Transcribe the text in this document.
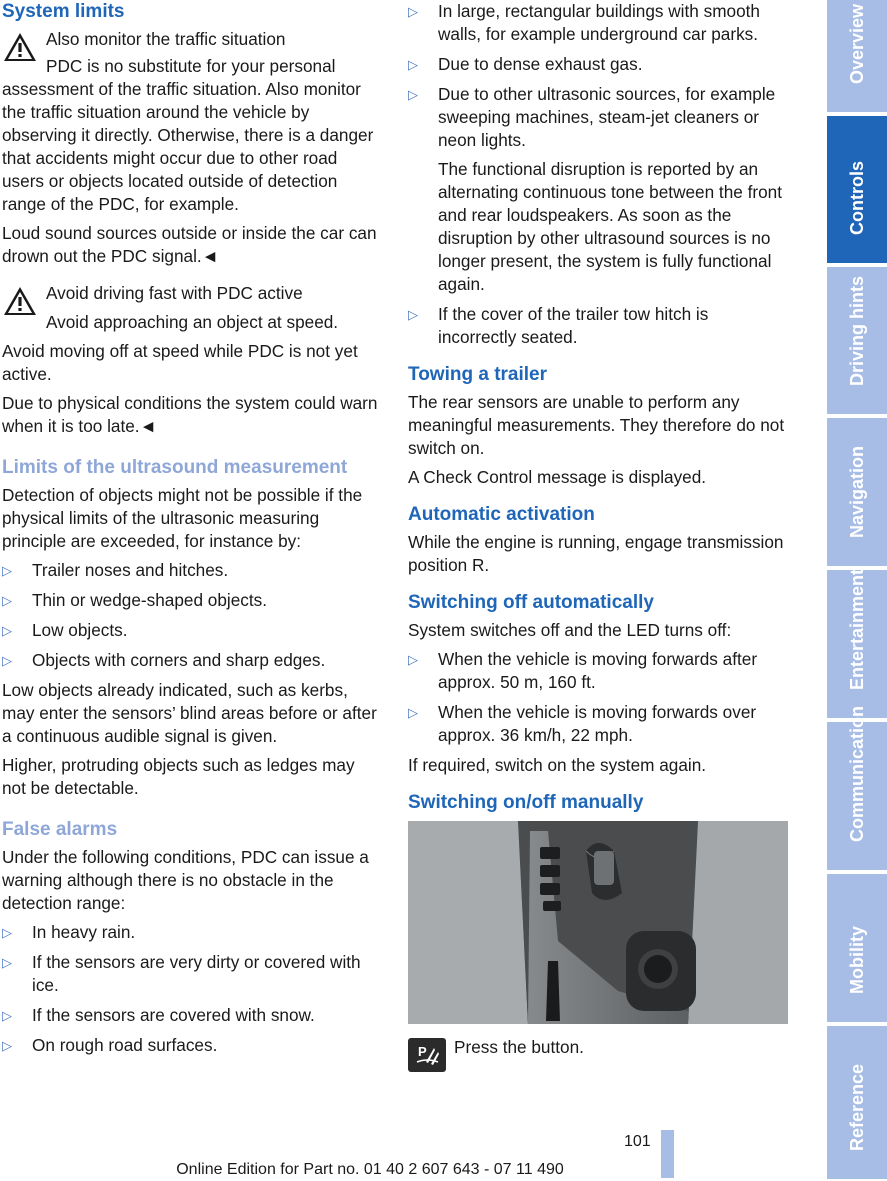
System limits

Also monitor the traffic situation

PDC is no substitute for your personal assessment of the traffic situation. Also monitor the traffic situation around the vehicle by observing it directly. Otherwise, there is a danger that accidents might occur due to other road users or objects located outside of detection range of the PDC, for example.

Loud sound sources outside or inside the car can drown out the PDC signal.◄

Avoid driving fast with PDC active

Avoid approaching an object at speed.

Avoid moving off at speed while PDC is not yet active.

Due to physical conditions the system could warn when it is too late.◄

Limits of the ultrasound measurement

Detection of objects might not be possible if the physical limits of the ultrasonic measuring principle are exceeded, for instance by:

▷ Trailer noses and hitches.
▷ Thin or wedge-shaped objects.
▷ Low objects.
▷ Objects with corners and sharp edges.

Low objects already indicated, such as kerbs, may enter the sensors’ blind areas before or after a continuous audible signal is given.

Higher, protruding objects such as ledges may not be detectable.

False alarms

Under the following conditions, PDC can issue a warning although there is no obstacle in the detection range:

▷ In heavy rain.
▷ If the sensors are very dirty or covered with ice.
▷ If the sensors are covered with snow.
▷ On rough road surfaces.
▷ In large, rectangular buildings with smooth walls, for example underground car parks.
▷ Due to dense exhaust gas.
▷ Due to other ultrasonic sources, for example sweeping machines, steam-jet cleaners or neon lights.

The functional disruption is reported by an alternating continuous tone between the front and rear loudspeakers. As soon as the disruption by other ultrasound sources is no longer present, the system is fully functional again.

▷ If the cover of the trailer tow hitch is incorrectly seated.
Towing a trailer

The rear sensors are unable to perform any meaningful measurements. They therefore do not switch on.

A Check Control message is displayed.

Automatic activation

While the engine is running, engage transmission position R.

Switching off automatically

System switches off and the LED turns off:

▷ When the vehicle is moving forwards after approx. 50 m, 160 ft.
▷ When the vehicle is moving forwards over approx. 36 km/h, 22 mph.

If required, switch on the system again.

Switching on/off manually
P Press the button.

101
Online Edition for Part no. 01 40 2 607 643 - 07 11 490
Overview
Controls
Driving hints
Navigation
Entertainment
Communication
Mobility
Reference
